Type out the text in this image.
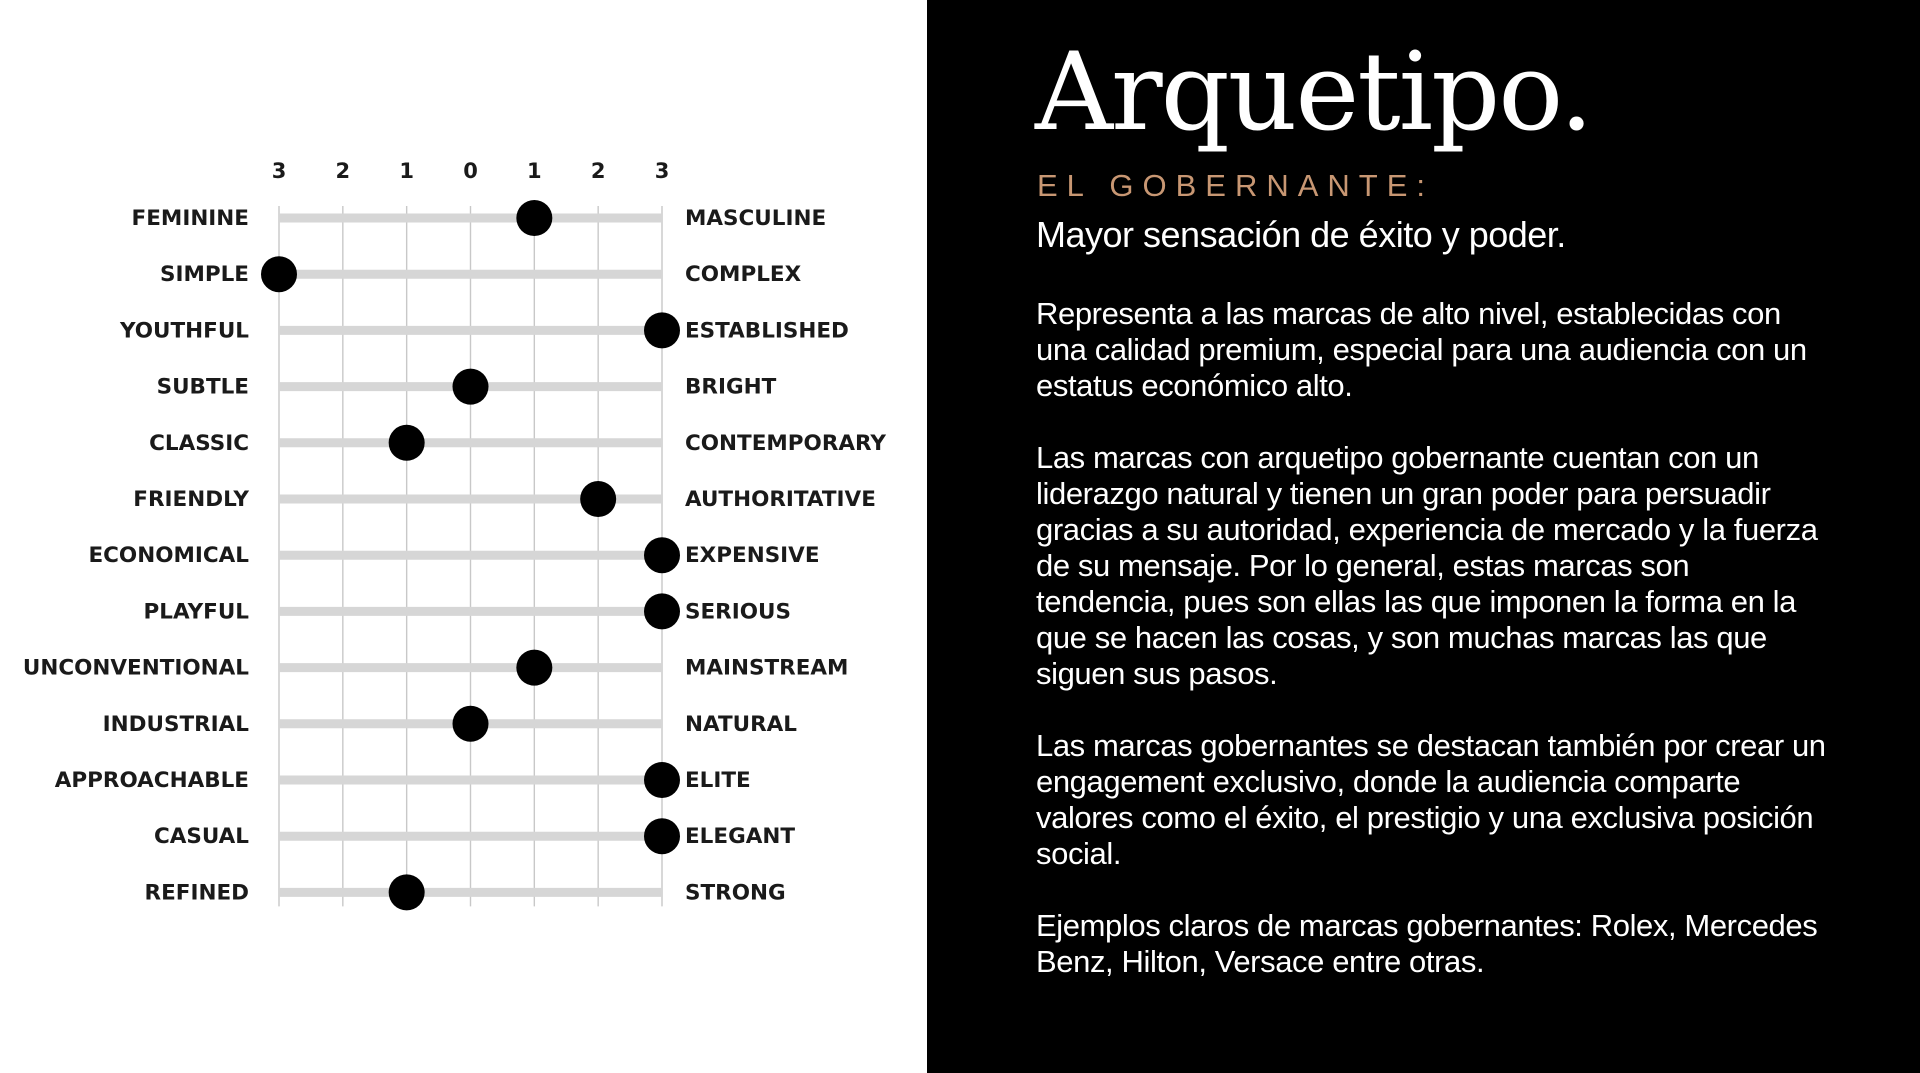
3 2 1 0 1 2 3
FEMININE	MASCULINE
SIMPLE	COMPLEX
YOUTHFUL	ESTABLISHED
SUBTLE	BRIGHT
CLASSIC	CONTEMPORARY
FRIENDLY	AUTHORITATIVE
ECONOMICAL	EXPENSIVE
PLAYFUL	SERIOUS
UNCONVENTIONAL	MAINSTREAM
INDUSTRIAL	NATURAL
APPROACHABLE	ELITE
CASUAL	ELEGANT
REFINED	STRONG
Arquetipo.
EL GOBERNANTE:
Mayor sensación de éxito y poder.

Representa a las marcas de alto nivel, establecidas con una calidad premium, especial para una audiencia con un estatus económico alto.

Las marcas con arquetipo gobernante cuentan con un liderazgo natural y tienen un gran poder para persuadir gracias a su autoridad, experiencia de mercado y la fuerza de su mensaje. Por lo general, estas marcas son tendencia, pues son ellas las que imponen la forma en la que se hacen las cosas, y son muchas marcas las que siguen sus pasos.

Las marcas gobernantes se destacan también por crear un engagement exclusivo, donde la audiencia comparte valores como el éxito, el prestigio y una exclusiva posición social.

Ejemplos claros de marcas gobernantes: Rolex, Mercedes Benz, Hilton, Versace entre otras.
